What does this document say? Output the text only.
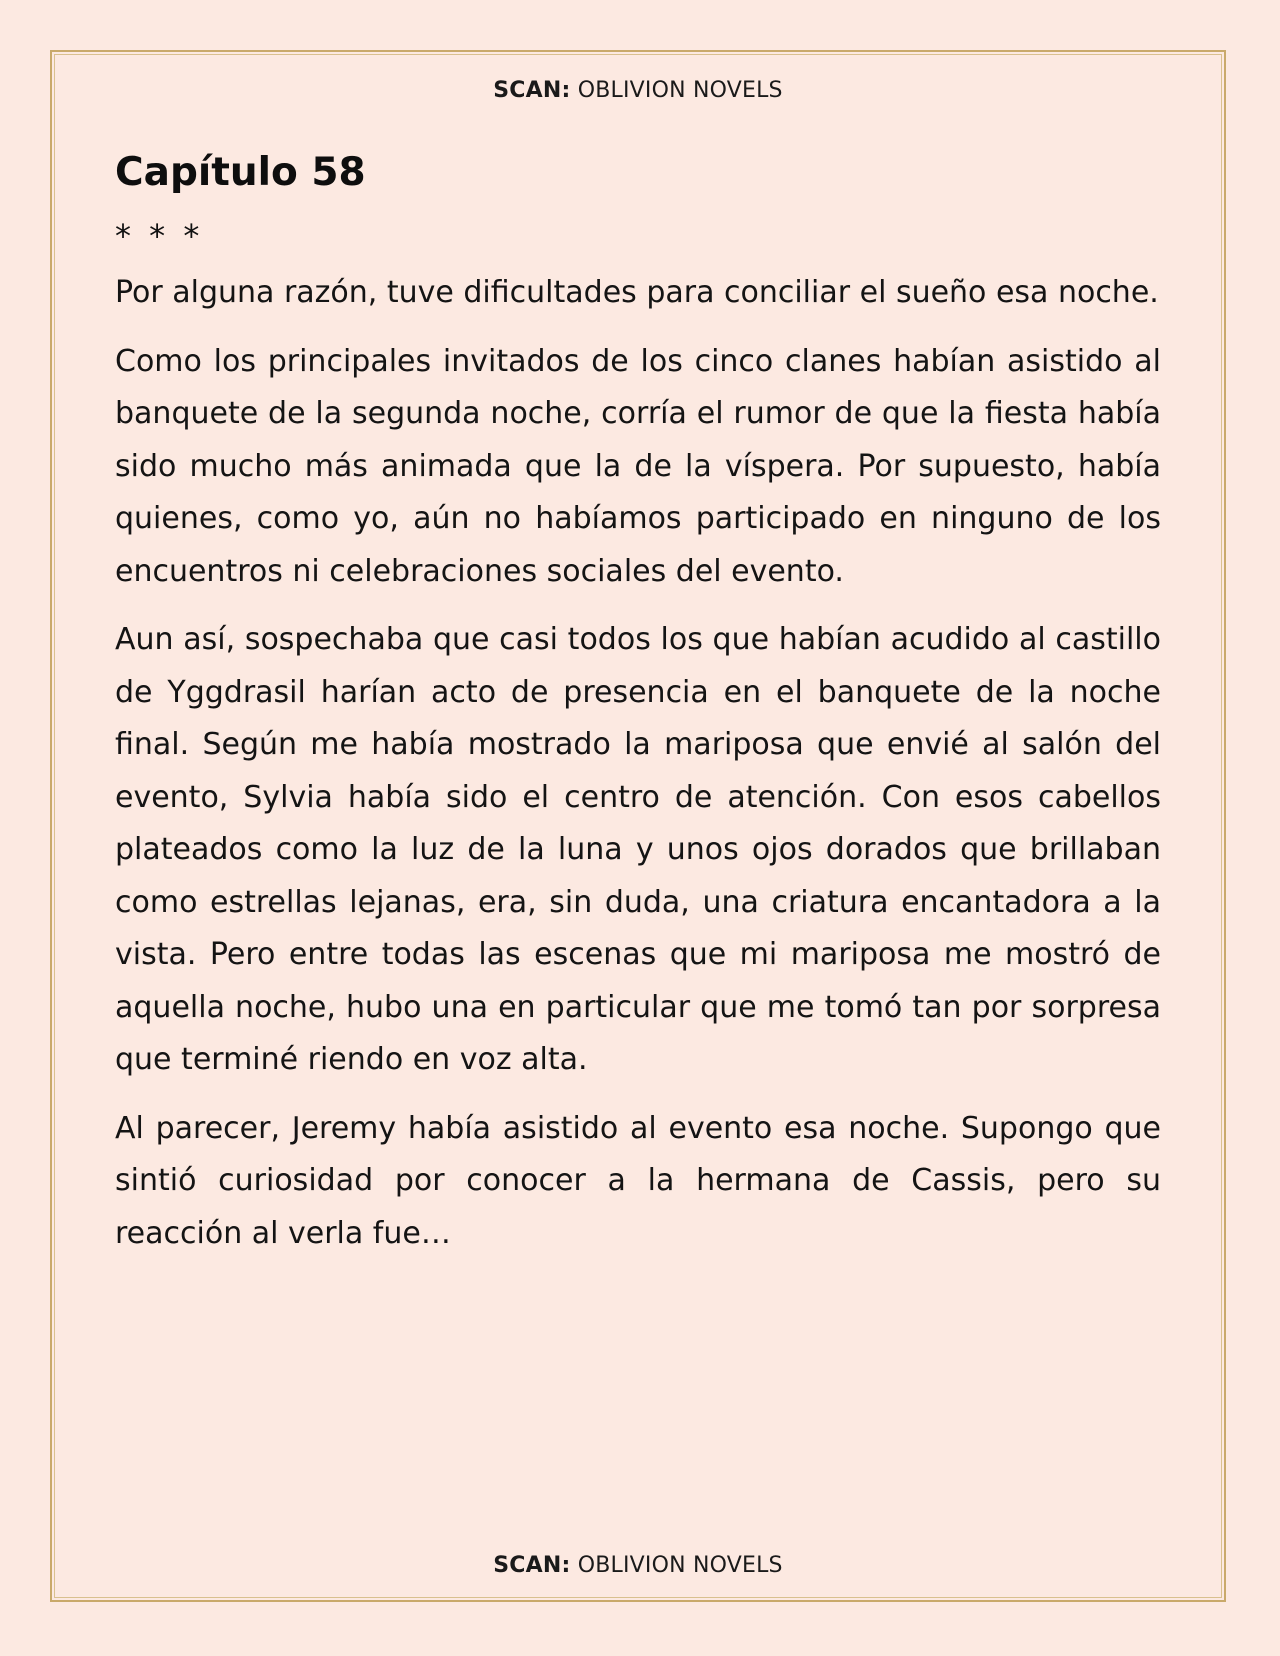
SCAN: OBLIVION NOVELS
Capítulo 58
* * *

Por alguna razón, tuve dificultades para conciliar el sueño esa noche.

Como los principales invitados de los cinco clanes habían asistido al banquete de la segunda noche, corría el rumor de que la fiesta había sido mucho más animada que la de la víspera. Por supuesto, había quienes, como yo, aún no habíamos participado en ninguno de los encuentros ni celebraciones sociales del evento.

Aun así, sospechaba que casi todos los que habían acudido al castillo de Yggdrasil harían acto de presencia en el banquete de la noche final. Según me había mostrado la mariposa que envié al salón del evento, Sylvia había sido el centro de atención. Con esos cabellos plateados como la luz de la luna y unos ojos dorados que brillaban como estrellas lejanas, era, sin duda, una criatura encantadora a la vista. Pero entre todas las escenas que mi mariposa me mostró de aquella noche, hubo una en particular que me tomó tan por sorpresa que terminé riendo en voz alta.

Al parecer, Jeremy había asistido al evento esa noche. Supongo que sintió curiosidad por conocer a la hermana de Cassis, pero su reacción al verla fue…

SCAN: OBLIVION NOVELS
